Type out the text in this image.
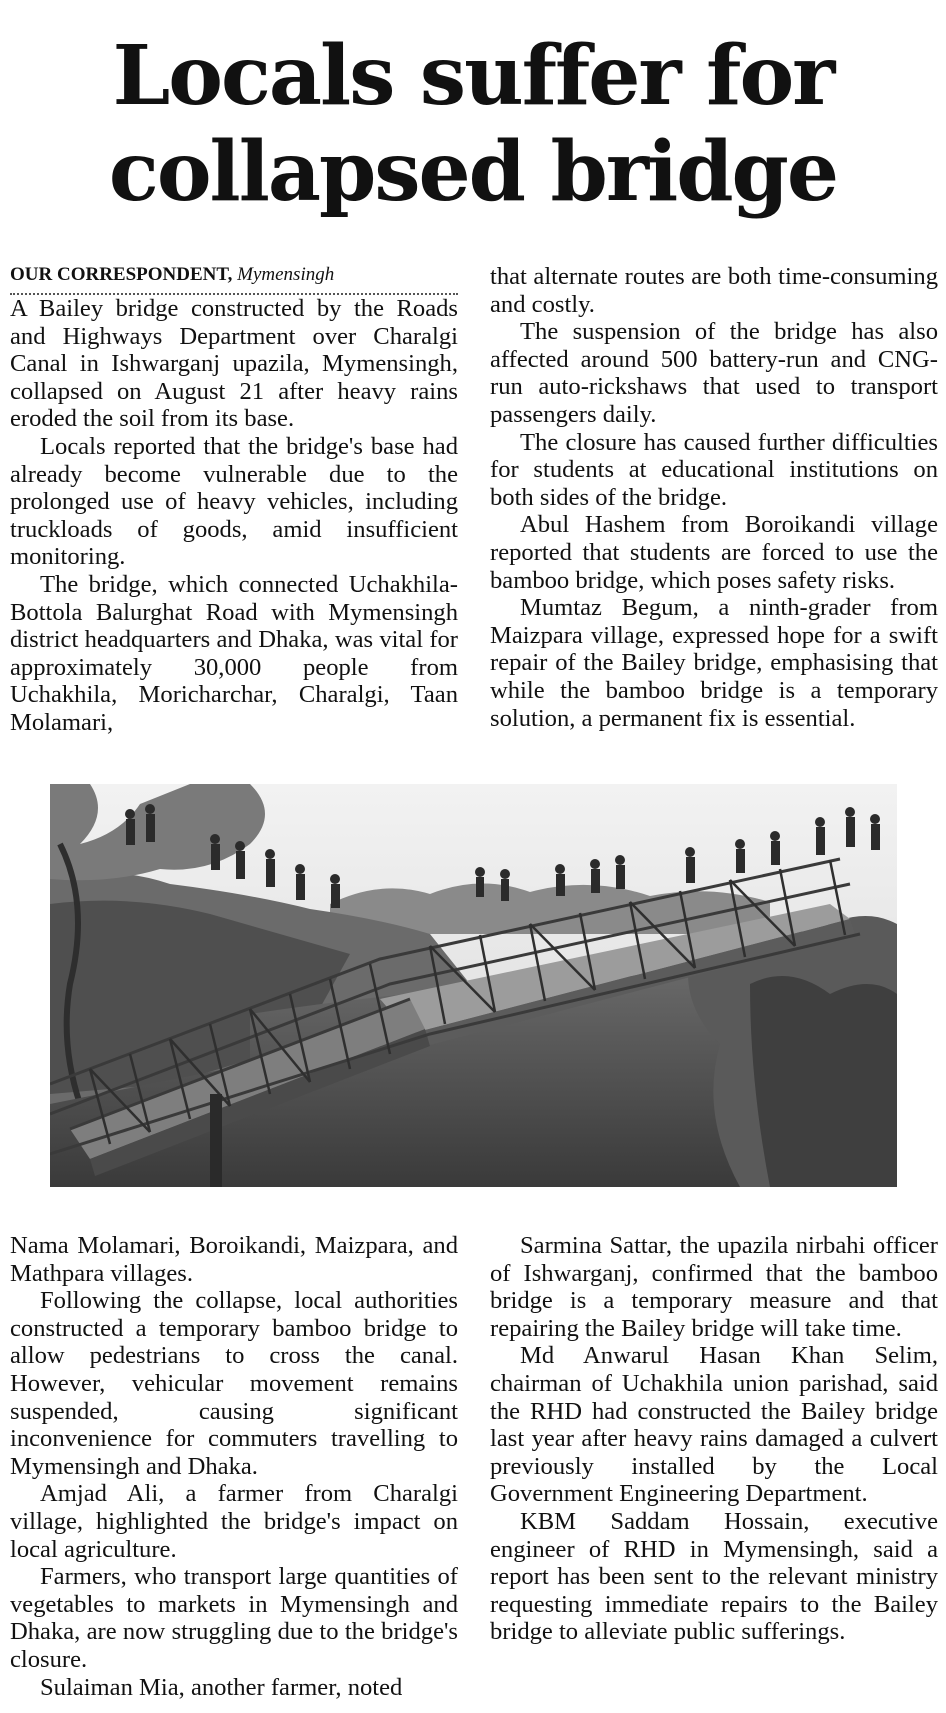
Locals suffer for
collapsed bridge

OUR CORRESPONDENT, Mymensingh

A Bailey bridge constructed by the Roads and Highways Department over Charalgi Canal in Ishwarganj upazila, Mymensingh, collapsed on August 21 after heavy rains eroded the soil from its base.

Locals reported that the bridge's base had already become vulnerable due to the prolonged use of heavy vehicles, including truckloads of goods, amid insufficient monitoring.

The bridge, which connected Uchakhila-Bottola Balurghat Road with Mymensingh district headquarters and Dhaka, was vital for approximately 30,000 people from Uchakhila, Moricharchar, Charalgi, Taan Molamari,

that alternate routes are both time-consuming and costly.

The suspension of the bridge has also affected around 500 battery-run and CNG-run auto-rickshaws that used to transport passengers daily.

The closure has caused further difficulties for students at educational institutions on both sides of the bridge.

Abul Hashem from Boroikandi village reported that students are forced to use the bamboo bridge, which poses safety risks.

Mumtaz Begum, a ninth-grader from Maizpara village, expressed hope for a swift repair of the Bailey bridge, emphasising that while the bamboo bridge is a temporary solution, a permanent fix is essential.

Nama Molamari, Boroikandi, Maizpara, and Mathpara villages.

Following the collapse, local authorities constructed a temporary bamboo bridge to allow pedestrians to cross the canal. However, vehicular movement remains suspended, causing significant inconvenience for commuters travelling to Mymensingh and Dhaka.

Amjad Ali, a farmer from Charalgi village, highlighted the bridge's impact on local agriculture.

Farmers, who transport large quantities of vegetables to markets in Mymensingh and Dhaka, are now struggling due to the bridge's closure.

Sulaiman Mia, another farmer, noted

Sarmina Sattar, the upazila nirbahi officer of Ishwarganj, confirmed that the bamboo bridge is a temporary measure and that repairing the Bailey bridge will take time.

Md Anwarul Hasan Khan Selim, chairman of Uchakhila union parishad, said the RHD had constructed the Bailey bridge last year after heavy rains damaged a culvert previously installed by the Local Government Engineering Department.

KBM Saddam Hossain, executive engineer of RHD in Mymensingh, said a report has been sent to the relevant ministry requesting immediate repairs to the Bailey bridge to alleviate public sufferings.
